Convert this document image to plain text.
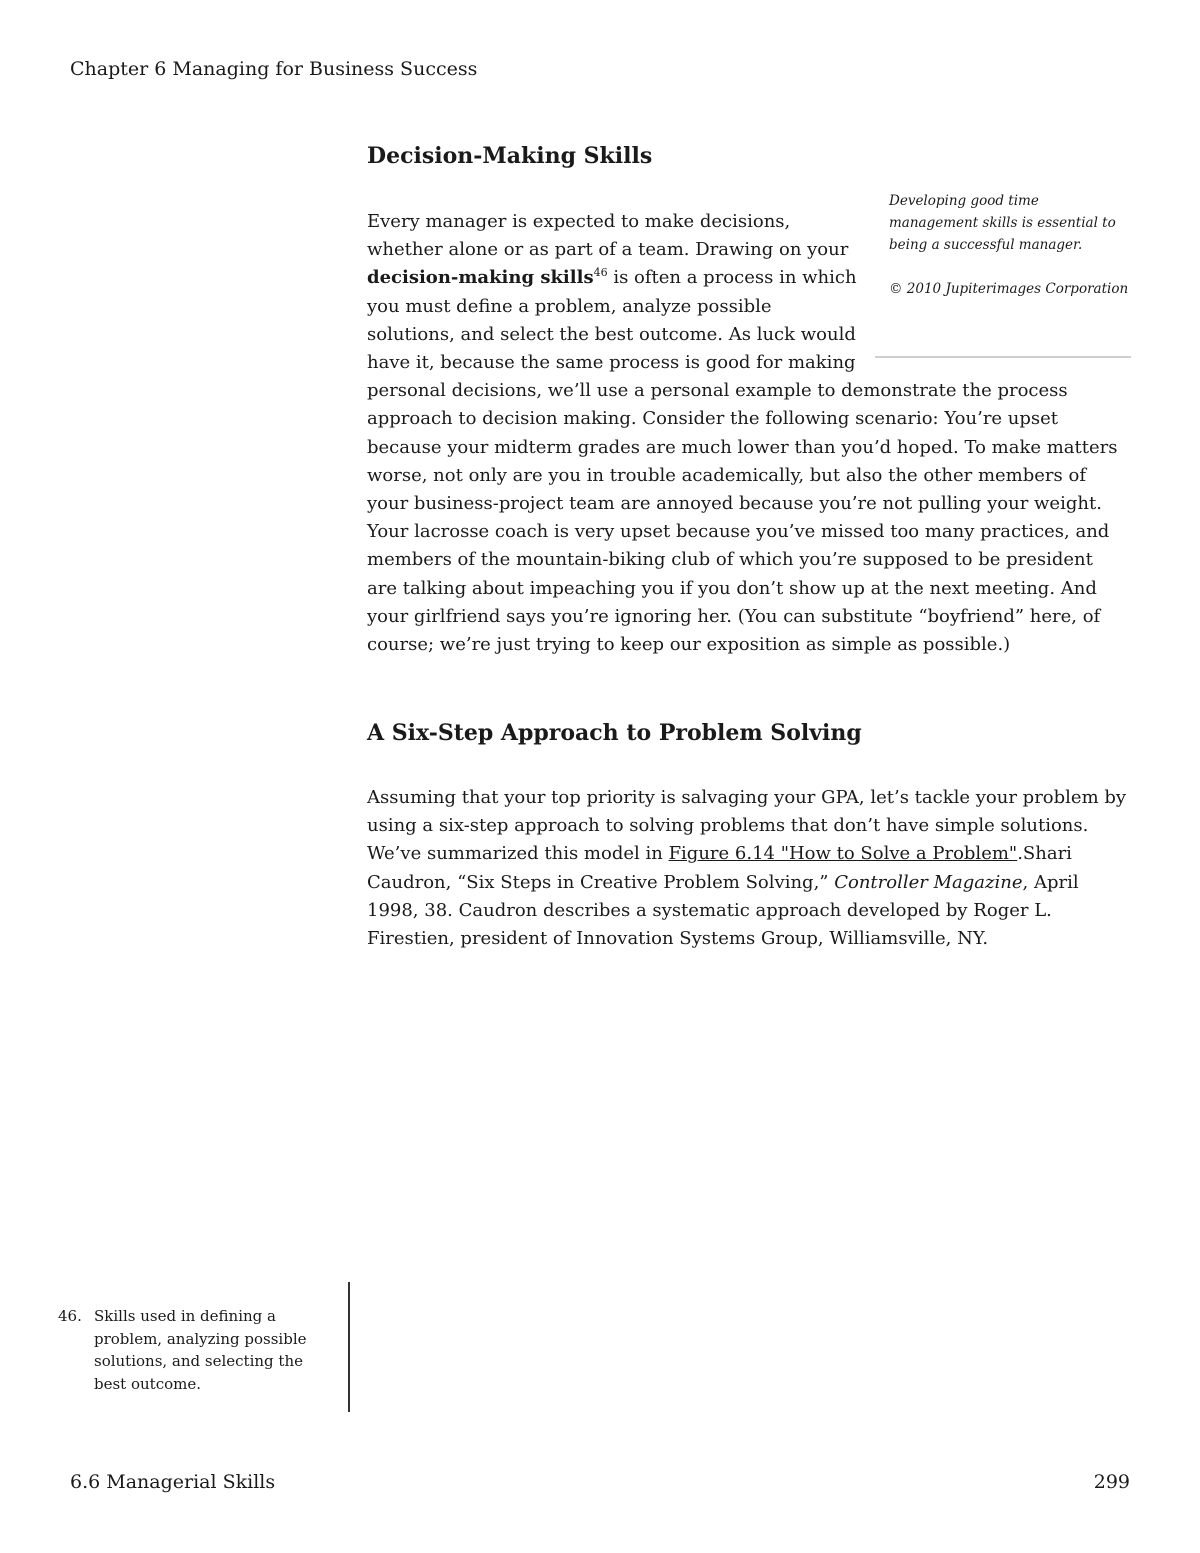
Chapter 6 Managing for Business Success
Decision-Making Skills

Developing good time management skills is essential to being a successful manager.
© 2010 Jupiterimages Corporation
Every manager is expected to make decisions, whether alone or as part of a team. Drawing on your decision-making skills$^{46}$ is often a process in which you must define a problem, analyze possible solutions, and select the best outcome. As luck would have it, because the same process is good for making personal decisions, we’ll use a personal example to demonstrate the process approach to decision making. Consider the following scenario: You’re upset because your midterm grades are much lower than you’d hoped. To make matters worse, not only are you in trouble academically, but also the other members of your business-project team are annoyed because you’re not pulling your weight. Your lacrosse coach is very upset because you’ve missed too many practices, and members of the mountain-biking club of which you’re supposed to be president are talking about impeaching you if you don’t show up at the next meeting. And your girlfriend says you’re ignoring her. (You can substitute “boyfriend” here, of course; we’re just trying to keep our exposition as simple as possible.)

A Six-Step Approach to Problem Solving

Assuming that your top priority is salvaging your GPA, let’s tackle your problem by using a six-step approach to solving problems that don’t have simple solutions. We’ve summarized this model in Figure 6.14 "How to Solve a Problem".Shari Caudron, “Six Steps in Creative Problem Solving,” Controller Magazine, April 1998, 38. Caudron describes a systematic approach developed by Roger L. Firestien, president of Innovation Systems Group, Williamsville, NY.

46. Skills used in defining a problem, analyzing possible solutions, and selecting the best outcome.
6.6 Managerial Skills	299
